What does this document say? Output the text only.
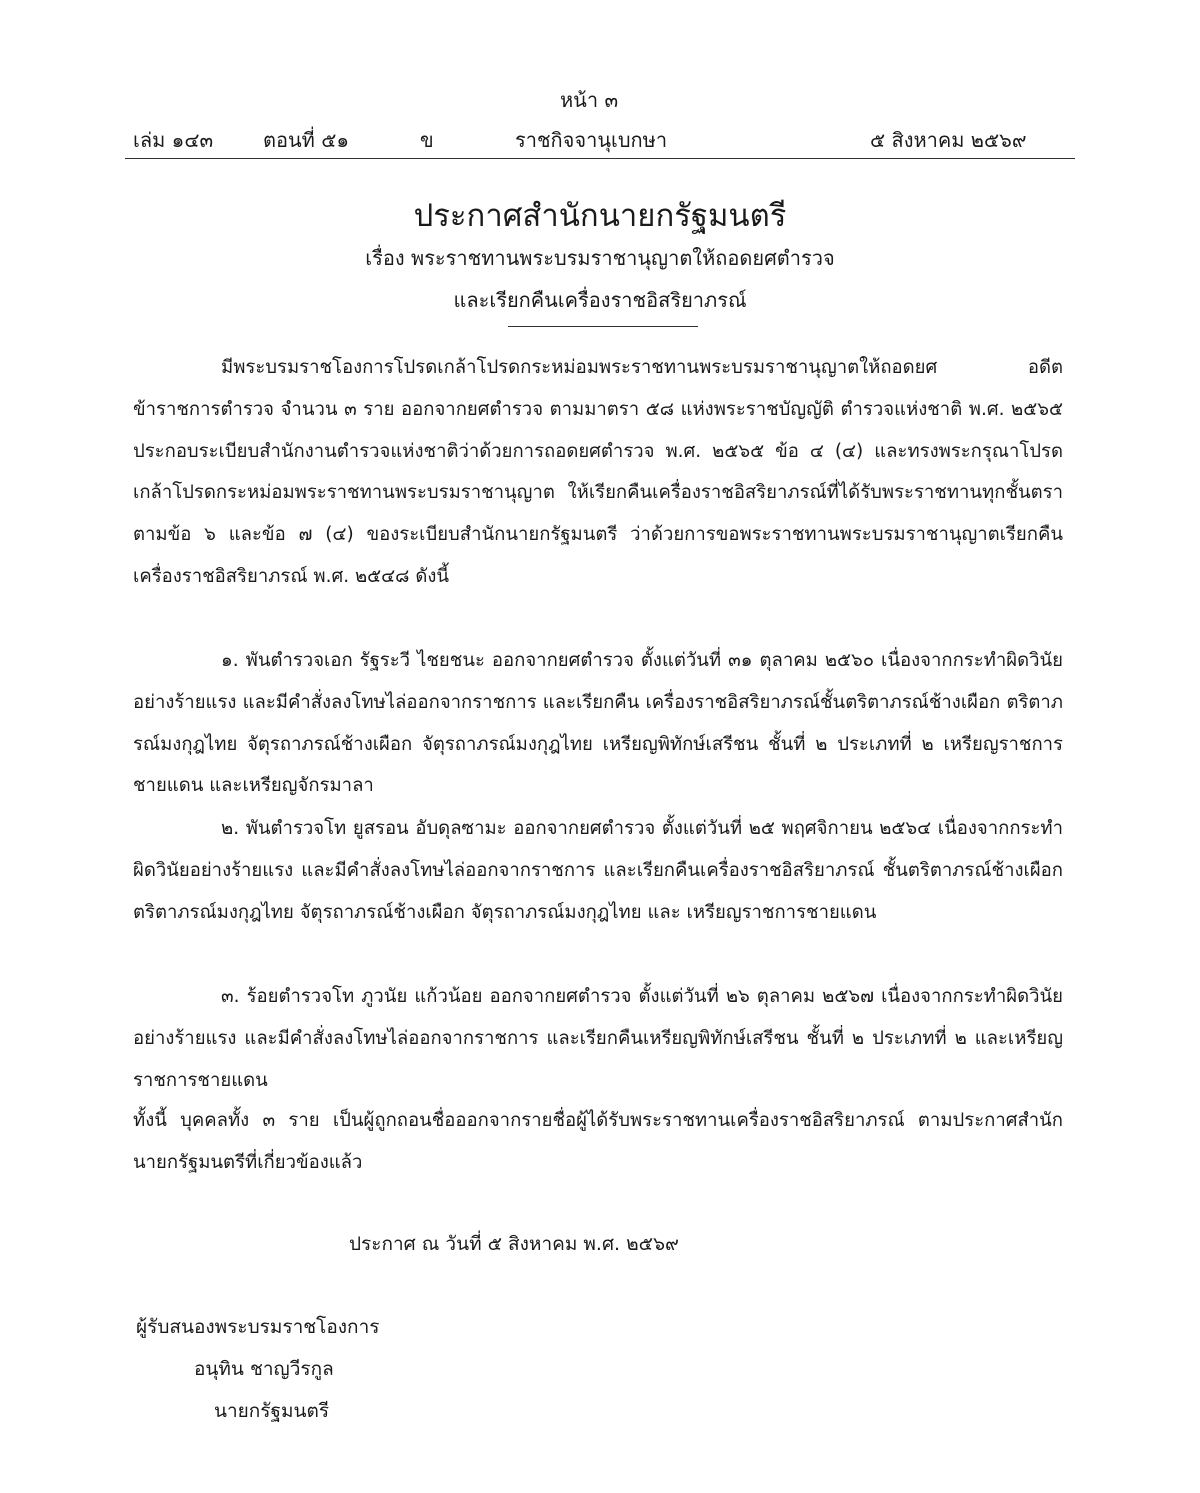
หน้า ๓
เล่ม ๑๔๓ ตอนที่ ๕๑	ข	ราชกิจจานุเบกษา	๕ สิงหาคม ๒๕๖๙
ประกาศสำนักนายกรัฐมนตรี
เรื่อง พระราชทานพระบรมราชานุญาตให้ถอดยศตำรวจ
และเรียกคืนเครื่องราชอิสริยาภรณ์
มีพระบรมราชโองการโปรดเกล้าโปรดกระหม่อมพระราชทานพระบรมราชานุญาตให้ถอดยศ อดีตข้าราชการตำรวจ จำนวน ๓ ราย ออกจากยศตำรวจ ตามมาตรา ๕๘ แห่งพระราชบัญญัติ ตำรวจแห่งชาติ พ.ศ. ๒๕๖๕ ประกอบระเบียบสำนักงานตำรวจแห่งชาติว่าด้วยการถอดยศตำรวจ พ.ศ. ๒๕๖๕ ข้อ ๔ (๔) และทรงพระกรุณาโปรดเกล้าโปรดกระหม่อมพระราชทานพระบรมราชานุญาต ให้เรียกคืนเครื่องราชอิสริยาภรณ์ที่ได้รับพระราชทานทุกชั้นตรา ตามข้อ ๖ และข้อ ๗ (๔) ของระเบียบสำนักนายกรัฐมนตรี ว่าด้วยการขอพระราชทานพระบรมราชานุญาตเรียกคืนเครื่องราชอิสริยาภรณ์ พ.ศ. ๒๕๔๘ ดังนี้
๑. พันตำรวจเอก รัฐระวี ไชยชนะ ออกจากยศตำรวจ ตั้งแต่วันที่ ๓๑ ตุลาคม ๒๕๖๐ เนื่องจากกระทำผิดวินัยอย่างร้ายแรง และมีคำสั่งลงโทษไล่ออกจากราชการ และเรียกคืน เครื่องราชอิสริยาภรณ์ชั้นตริตาภรณ์ช้างเผือก ตริตาภรณ์มงกุฎไทย จัตุรถาภรณ์ช้างเผือก จัตุรถาภรณ์มงกุฎไทย เหรียญพิทักษ์เสรีชน ชั้นที่ ๒ ประเภทที่ ๒ เหรียญราชการชายแดน และเหรียญจักรมาลา
๒. พันตำรวจโท ยูสรอน อับดุลซามะ ออกจากยศตำรวจ ตั้งแต่วันที่ ๒๕ พฤศจิกายน ๒๕๖๔ เนื่องจากกระทำผิดวินัยอย่างร้ายแรง และมีคำสั่งลงโทษไล่ออกจากราชการ และเรียกคืนเครื่องราชอิสริยาภรณ์ ชั้นตริตาภรณ์ช้างเผือก ตริตาภรณ์มงกุฎไทย จัตุรถาภรณ์ช้างเผือก จัตุรถาภรณ์มงกุฎไทย และ เหรียญราชการชายแดน
๓. ร้อยตำรวจโท ภูวนัย แก้วน้อย ออกจากยศตำรวจ ตั้งแต่วันที่ ๒๖ ตุลาคม ๒๕๖๗ เนื่องจากกระทำผิดวินัยอย่างร้ายแรง และมีคำสั่งลงโทษไล่ออกจากราชการ และเรียกคืนเหรียญพิทักษ์เสรีชน ชั้นที่ ๒ ประเภทที่ ๒ และเหรียญราชการชายแดน
ทั้งนี้ บุคคลทั้ง ๓ ราย เป็นผู้ถูกถอนชื่อออกจากรายชื่อผู้ได้รับพระราชทานเครื่องราชอิสริยาภรณ์ ตามประกาศสำนักนายกรัฐมนตรีที่เกี่ยวข้องแล้ว
ประกาศ ณ วันที่ ๕ สิงหาคม พ.ศ. ๒๕๖๙
ผู้รับสนองพระบรมราชโองการ
อนุทิน ชาญวีรกูล
นายกรัฐมนตรี
